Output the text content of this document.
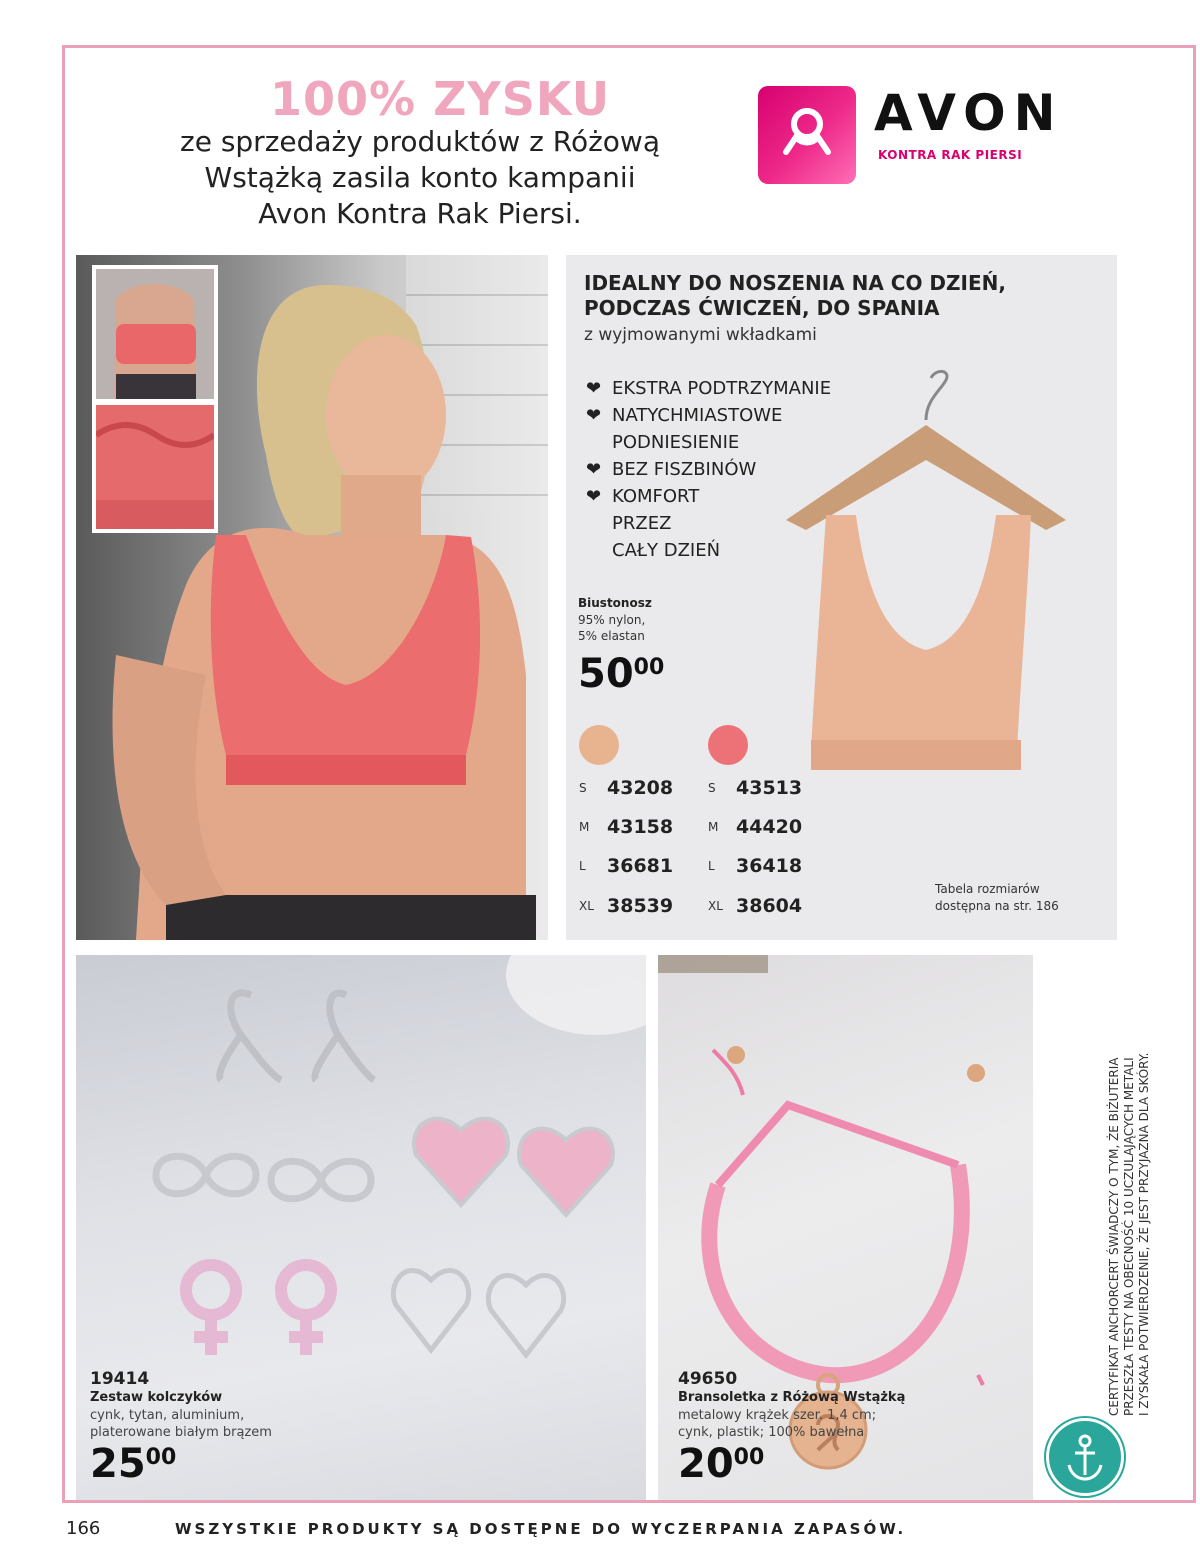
100% ZYSKU
ze sprzedaży produktów z Różową
Wstążką zasila konto kampanii
Avon Kontra Rak Piersi.
AVON
KONTRA RAK PIERSI
IDEALNY DO NOSZENIA NA CO DZIEŃ,
PODCZAS ĆWICZEŃ, DO SPANIA
z wyjmowanymi wkładkami
❤ EKSTRA PODTRZYMANIE
❤ NATYCHMIASTOWE
PODNIESIENIE
❤ BEZ FISZBINÓW
❤ KOMFORT
PRZEZ
CAŁY DZIEŃ
Biustonosz
95% nylon,
5% elastan
$50^{00}$
S 43208
M 43158
L 36681
XL 38539
S 43513
M 44420
L 36418
XL 38604
Tabela rozmiarów
dostępna na str. 186
19414
Zestaw kolczyków
cynk, tytan, aluminium,
platerowane białym brązem
$25^{00}$
49650
Bransoletka z Różową Wstążką
metalowy krążek szer. 1,4 cm;
cynk, plastik; 100% bawełna
$20^{00}$
CERTYFIKAT ANCHORCERT ŚWIADCZY O TYM, ŻE BIŻUTERIA PRZESZŁA TESTY NA OBECNOŚĆ 10 UCZULAJĄCYCH METALI I ZYSKAŁA POTWIERDZENIE, ŻE JEST PRZYJAZNA DLA SKÓRY.
166	WSZYSTKIE PRODUKTY SĄ DOSTĘPNE DO WYCZERPANIA ZAPASÓW.
